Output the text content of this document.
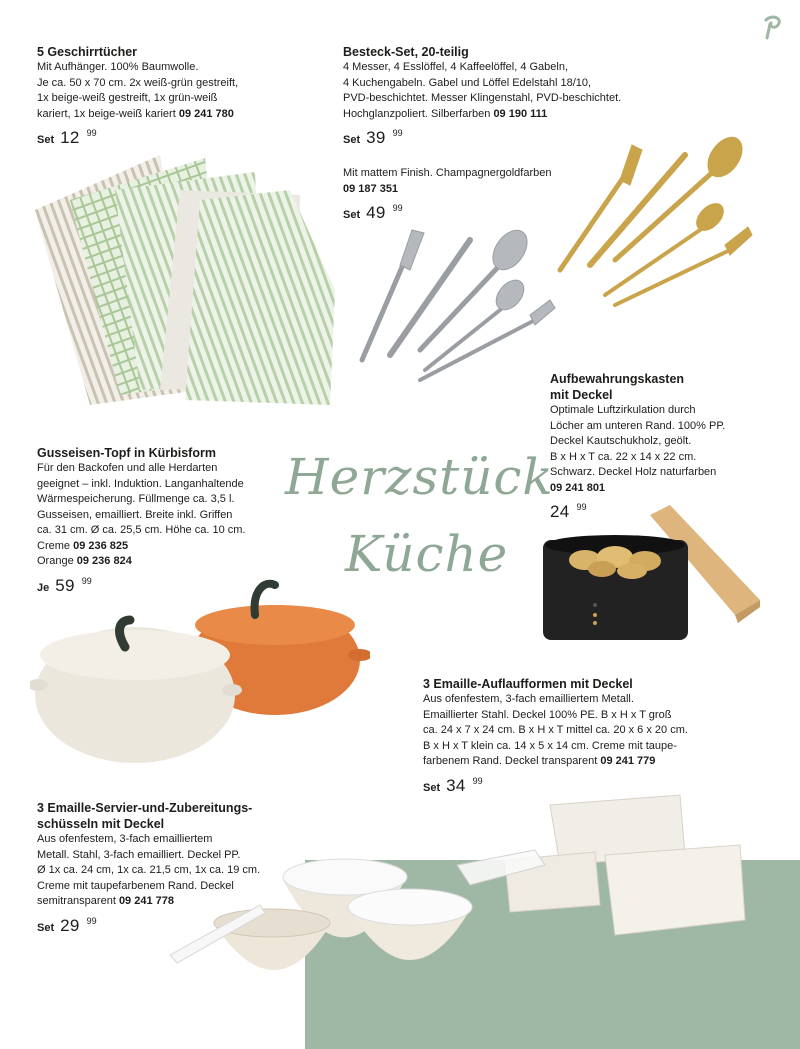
5 Geschirrtücher

Mit Aufhänger. 100% Baumwolle.
Je ca. 50 x 70 cm. 2x weiß-grün gestreift,
1x beige-weiß gestreift, 1x grün-weiß
kariert, 1x beige-weiß kariert 09 241 780
Set 12 99

Besteck-Set, 20-teilig

4 Messer, 4 Esslöffel, 4 Kaffeelöffel, 4 Gabeln,
4 Kuchengabeln. Gabel und Löffel Edelstahl 18/10,
PVD-beschichtet. Messer Klingenstahl, PVD-beschichtet.
Hochglanzpoliert. Silberfarben 09 190 111
Set 39 99
Mit mattem Finish. Champagnergoldfarben
09 187 351
Set 49 99

Aufbewahrungskasten

mit Deckel

Optimale Luftzirkulation durch
Löcher am unteren Rand. 100% PP.
Deckel Kautschukholz, geölt.
B x H x T ca. 22 x 14 x 22 cm.
Schwarz. Deckel Holz naturfarben
09 241 801
24 99
Herzstück
Küche

Gusseisen-Topf in Kürbisform

Für den Backofen und alle Herdarten
geeignet – inkl. Induktion. Langanhaltende
Wärmespeicherung. Füllmenge ca. 3,5 l.
Gusseisen, emailliert. Breite inkl. Griffen
ca. 31 cm. Ø ca. 25,5 cm. Höhe ca. 10 cm.
Creme 09 236 825
Orange 09 236 824
Je 59 99

3 Emaille-Auflaufformen mit Deckel

Aus ofenfestem, 3-fach emailliertem Metall.
Emaillierter Stahl. Deckel 100% PE. B x H x T groß
ca. 24 x 7 x 24 cm. B x H x T mittel ca. 20 x 6 x 20 cm.
B x H x T klein ca. 14 x 5 x 14 cm. Creme mit taupe-
farbenem Rand. Deckel transparent 09 241 779
Set 34 99

3 Emaille-Servier-und-Zubereitungs-

schüsseln mit Deckel

Aus ofenfestem, 3-fach emailliertem
Metall. Stahl, 3-fach emailliert. Deckel PP.
Ø 1x ca. 24 cm, 1x ca. 21,5 cm, 1x ca. 19 cm.
Creme mit taupefarbenem Rand. Deckel
semitransparent 09 241 778
Set 29 99
